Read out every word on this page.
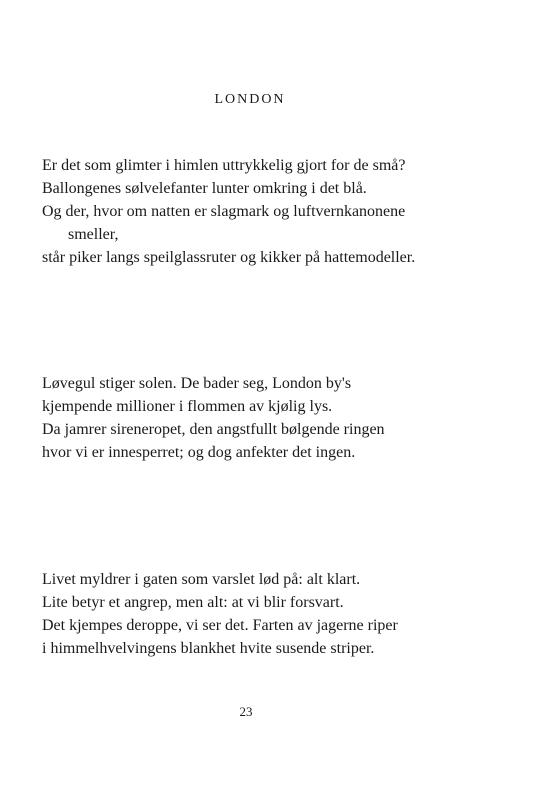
LONDON

Er det som glimter i himlen uttrykkelig gjort for de små?
Ballongenes sølvelefanter lunter omkring i det blå.
Og der, hvor om natten er slagmark og luftvernkanonene
smeller,
står piker langs speilglassruter og kikker på hattemodeller.

Løvegul stiger solen. De bader seg, London by's
kjempende millioner i flommen av kjølig lys.
Da jamrer sireneropet, den angstfullt bølgende ringen
hvor vi er innesperret; og dog anfekter det ingen.

Livet myldrer i gaten som varslet lød på: alt klart.
Lite betyr et angrep, men alt: at vi blir forsvart.
Det kjempes deroppe, vi ser det. Farten av jagerne riper
i himmelhvelvingens blankhet hvite susende striper.

23
